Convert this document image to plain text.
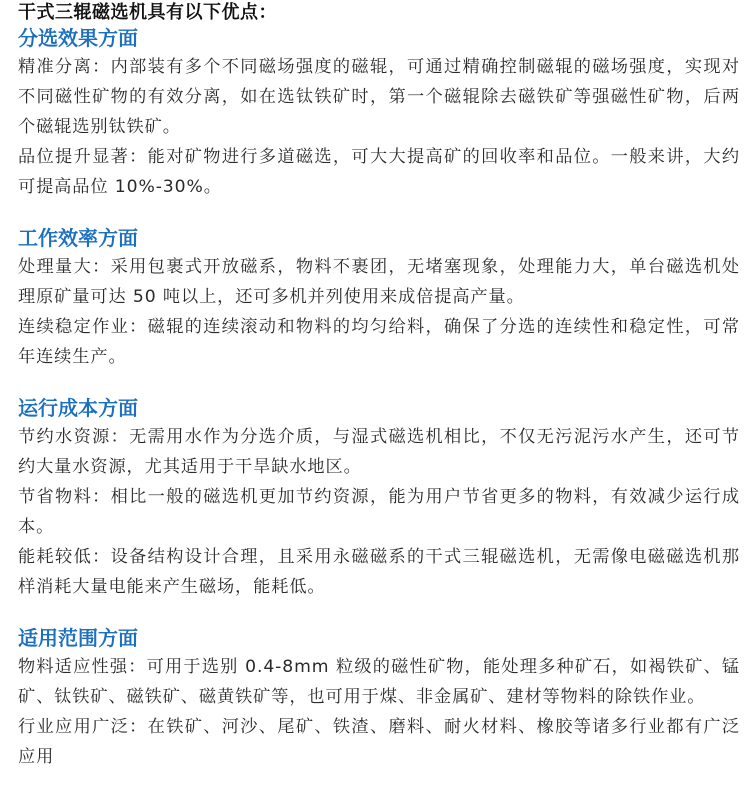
干式三辊磁选机具有以下优点：
分选效果方面

精准分离：内部装有多个不同磁场强度的磁辊，可通过精确控制磁辊的磁场强度，实现对不同磁性矿物的有效分离，如在选钛铁矿时，第一个磁辊除去磁铁矿等强磁性矿物，后两个磁辊选别钛铁矿。

品位提升显著：能对矿物进行多道磁选，可大大提高矿的回收率和品位。一般来讲，大约可提高品位 10%-30%。

工作效率方面

处理量大：采用包裹式开放磁系，物料不裹团，无堵塞现象，处理能力大，单台磁选机处理原矿量可达 50 吨以上，还可多机并列使用来成倍提高产量。

连续稳定作业：磁辊的连续滚动和物料的均匀给料，确保了分选的连续性和稳定性，可常年连续生产。

运行成本方面

节约水资源：无需用水作为分选介质，与湿式磁选机相比，不仅无污泥污水产生，还可节约大量水资源，尤其适用于干旱缺水地区。

节省物料：相比一般的磁选机更加节约资源，能为用户节省更多的物料，有效减少运行成本。

能耗较低：设备结构设计合理，且采用永磁磁系的干式三辊磁选机，无需像电磁磁选机那样消耗大量电能来产生磁场，能耗低。

适用范围方面

物料适应性强：可用于选别 0.4-8mm 粒级的磁性矿物，能处理多种矿石，如褐铁矿、锰矿、钛铁矿、磁铁矿、磁黄铁矿等，也可用于煤、非金属矿、建材等物料的除铁作业。

行业应用广泛：在铁矿、河沙、尾矿、铁渣、磨料、耐火材料、橡胶等诸多行业都有广泛应用
